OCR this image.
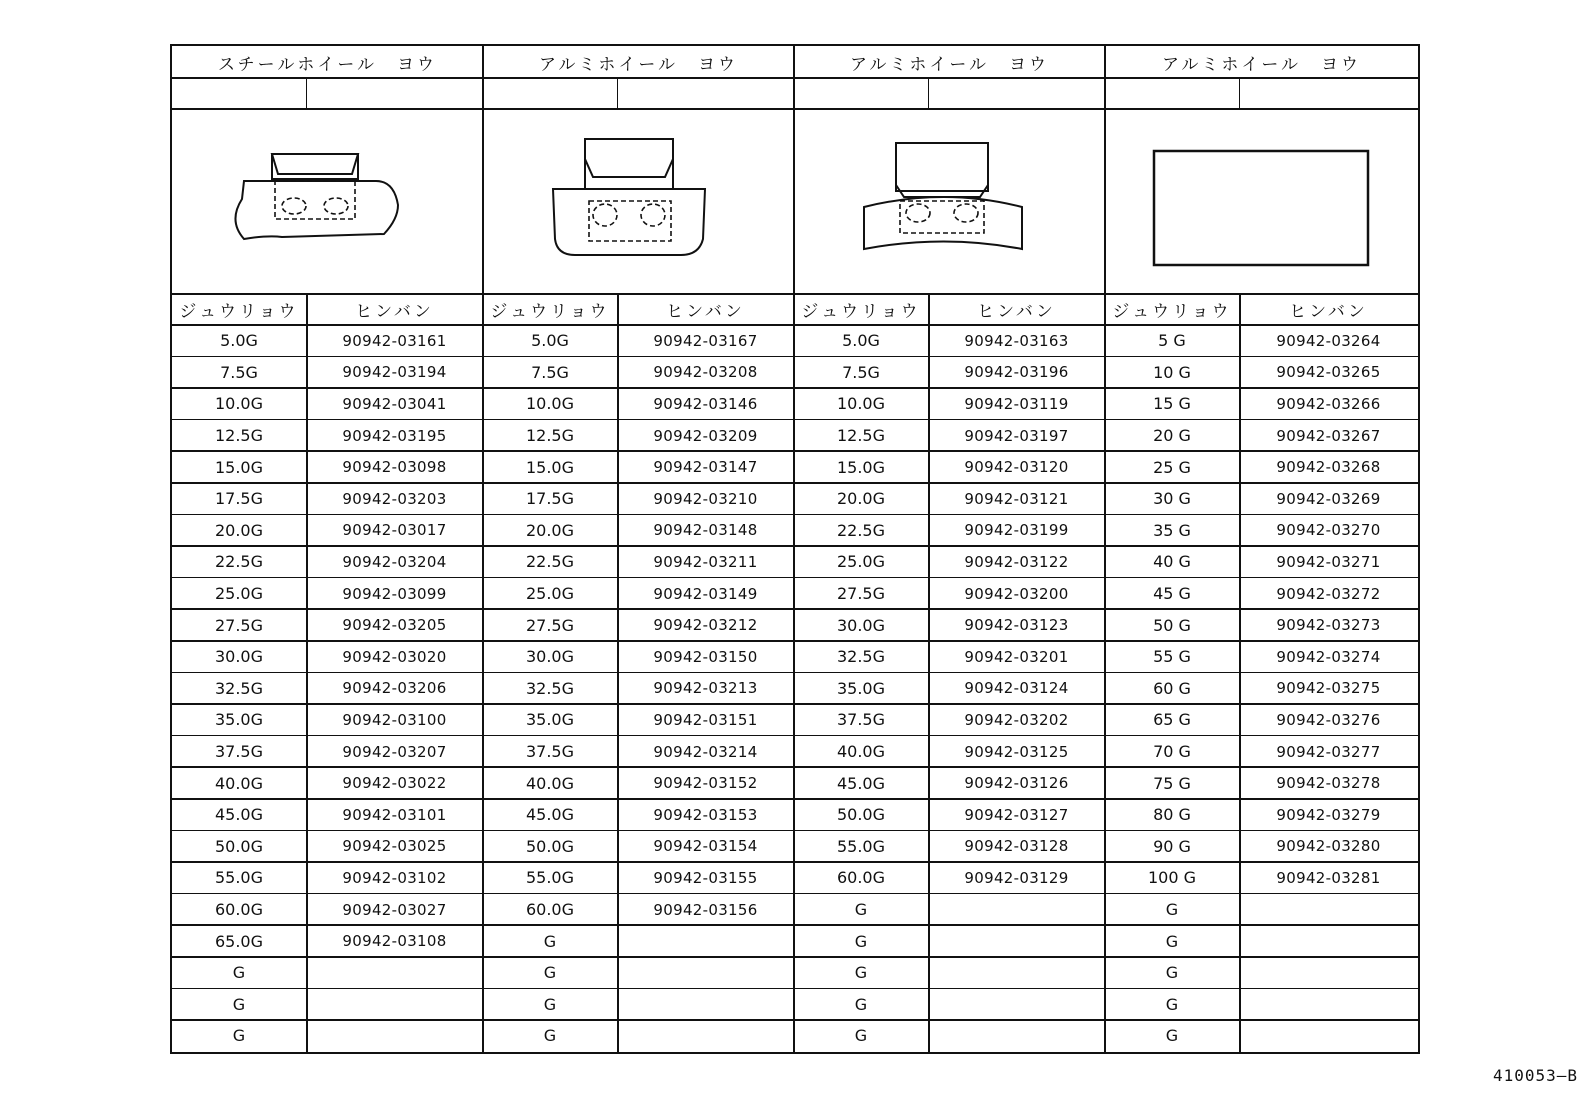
スチールホイール　ヨウ
ジュウリョウ	ヒンバン
5.0G	90942-03161
7.5G	90942-03194
10.0G	90942-03041
12.5G	90942-03195
15.0G	90942-03098
17.5G	90942-03203
20.0G	90942-03017
22.5G	90942-03204
25.0G	90942-03099
27.5G	90942-03205
30.0G	90942-03020
32.5G	90942-03206
35.0G	90942-03100
37.5G	90942-03207
40.0G	90942-03022
45.0G	90942-03101
50.0G	90942-03025
55.0G	90942-03102
60.0G	90942-03027
65.0G	90942-03108
G
G
G
アルミホイール　ヨウ
ジュウリョウ	ヒンバン
5.0G	90942-03167
7.5G	90942-03208
10.0G	90942-03146
12.5G	90942-03209
15.0G	90942-03147
17.5G	90942-03210
20.0G	90942-03148
22.5G	90942-03211
25.0G	90942-03149
27.5G	90942-03212
30.0G	90942-03150
32.5G	90942-03213
35.0G	90942-03151
37.5G	90942-03214
40.0G	90942-03152
45.0G	90942-03153
50.0G	90942-03154
55.0G	90942-03155
60.0G	90942-03156
G
G
G
G
アルミホイール　ヨウ
ジュウリョウ	ヒンバン
5.0G	90942-03163
7.5G	90942-03196
10.0G	90942-03119
12.5G	90942-03197
15.0G	90942-03120
20.0G	90942-03121
22.5G	90942-03199
25.0G	90942-03122
27.5G	90942-03200
30.0G	90942-03123
32.5G	90942-03201
35.0G	90942-03124
37.5G	90942-03202
40.0G	90942-03125
45.0G	90942-03126
50.0G	90942-03127
55.0G	90942-03128
60.0G	90942-03129
G
G
G
G
G
アルミホイール　ヨウ
ジュウリョウ	ヒンバン
5 G	90942-03264
10 G	90942-03265
15 G	90942-03266
20 G	90942-03267
25 G	90942-03268
30 G	90942-03269
35 G	90942-03270
40 G	90942-03271
45 G	90942-03272
50 G	90942-03273
55 G	90942-03274
60 G	90942-03275
65 G	90942-03276
70 G	90942-03277
75 G	90942-03278
80 G	90942-03279
90 G	90942-03280
100 G	90942-03281
G
G
G
G
G
410053–B
